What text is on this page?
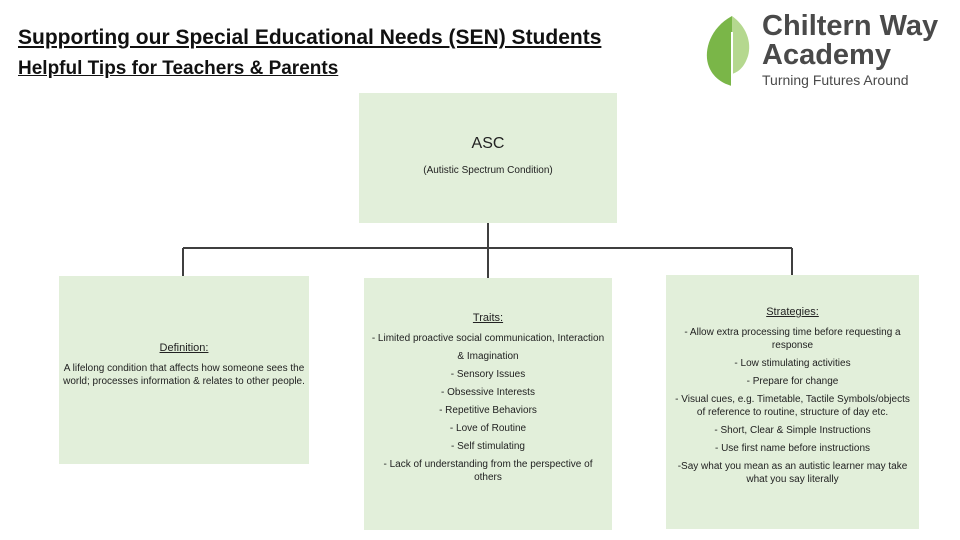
Supporting our Special Educational Needs (SEN) Students
Helpful Tips for Teachers & Parents
Chiltern Way
Academy
Turning Futures Around
ASC
(Autistic Spectrum Condition)
Definition:
A lifelong condition that affects how someone sees the world; processes information & relates to other people.
Traits:
- Limited proactive social communication, Interaction
& Imagination
- Sensory Issues
- Obsessive Interests
- Repetitive Behaviors
- Love of Routine
- Self stimulating
- Lack of understanding from the perspective of others
Strategies:
- Allow extra processing time before requesting a response
- Low stimulating activities
- Prepare for change
- Visual cues, e.g. Timetable, Tactile Symbols/objects of reference to routine, structure of day etc.
- Short, Clear & Simple Instructions
- Use first name before instructions
-Say what you mean as an autistic learner may take what you say literally
